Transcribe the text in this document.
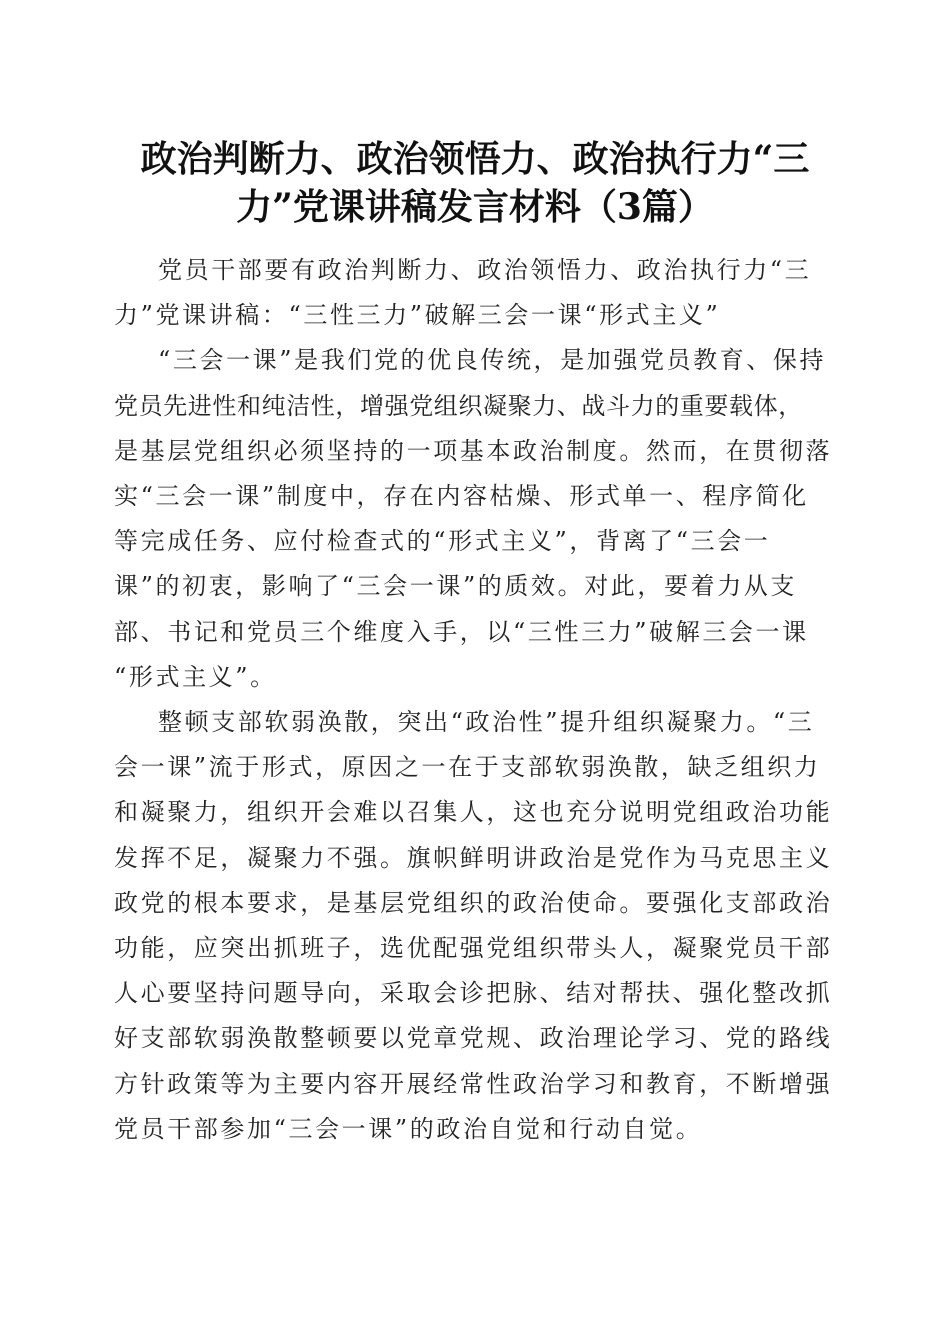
政治判断力、政治领悟力、政治执行力“三
力”党课讲稿发言材料（3篇）
党员干部要有政治判断力、政治领悟力、政治执行力“三
力”党课讲稿：“三性三力”破解三会一课“形式主义”
“三会一课”是我们党的优良传统，是加强党员教育、保持
党员先进性和纯洁性，增强党组织凝聚力、战斗力的重要载体，
是基层党组织必须坚持的一项基本政治制度。然而，在贯彻落
实“三会一课”制度中，存在内容枯燥、形式单一、程序简化
等完成任务、应付检查式的“形式主义”，背离了“三会一
课”的初衷，影响了“三会一课”的质效。对此，要着力从支
部、书记和党员三个维度入手，以“三性三力”破解三会一课
“形式主义”。
整顿支部软弱涣散，突出“政治性”提升组织凝聚力。“三
会一课”流于形式，原因之一在于支部软弱涣散，缺乏组织力
和凝聚力，组织开会难以召集人，这也充分说明党组政治功能
发挥不足，凝聚力不强。旗帜鲜明讲政治是党作为马克思主义
政党的根本要求，是基层党组织的政治使命。要强化支部政治
功能，应突出抓班子，选优配强党组织带头人，凝聚党员干部
人心要坚持问题导向，采取会诊把脉、结对帮扶、强化整改抓
好支部软弱涣散整顿要以党章党规、政治理论学习、党的路线
方针政策等为主要内容开展经常性政治学习和教育，不断增强
党员干部参加“三会一课”的政治自觉和行动自觉。
